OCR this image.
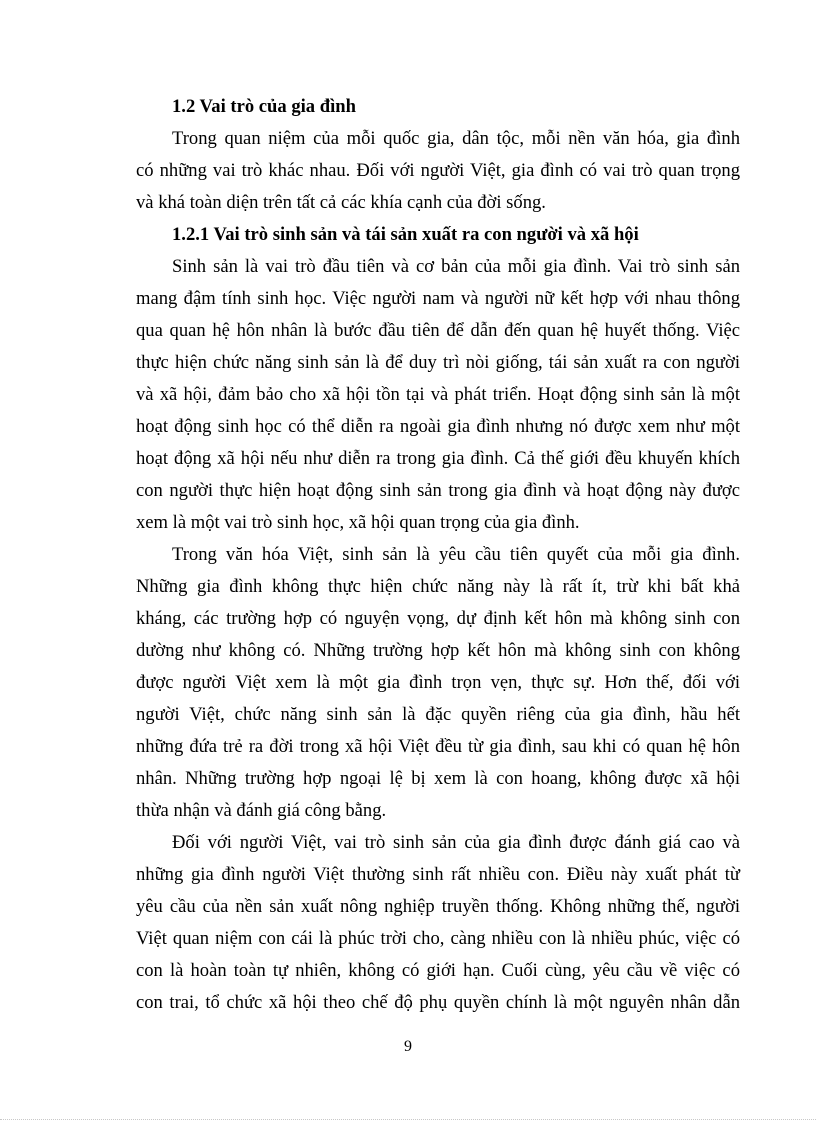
1.2 Vai trò của gia đình
Trong quan niệm của mỗi quốc gia, dân tộc, mỗi nền văn hóa, gia đình
có những vai trò khác nhau. Đối với người Việt, gia đình có vai trò quan trọng
và khá toàn diện trên tất cả các khía cạnh của đời sống.
1.2.1 Vai trò sinh sản và tái sản xuất ra con người và xã hội
Sinh sản là vai trò đầu tiên và cơ bản của mỗi gia đình. Vai trò sinh sản
mang đậm tính sinh học. Việc người nam và người nữ kết hợp với nhau thông
qua quan hệ hôn nhân là bước đầu tiên để dẫn đến quan hệ huyết thống. Việc
thực hiện chức năng sinh sản là để duy trì nòi giống, tái sản xuất ra con người
và xã hội, đảm bảo cho xã hội tồn tại và phát triển. Hoạt động sinh sản là một
hoạt động sinh học có thể diễn ra ngoài gia đình nhưng nó được xem như một
hoạt động xã hội nếu như diễn ra trong gia đình. Cả thế giới đều khuyến khích
con người thực hiện hoạt động sinh sản trong gia đình và hoạt động này được
xem là một vai trò sinh học, xã hội quan trọng của gia đình.
Trong văn hóa Việt, sinh sản là yêu cầu tiên quyết của mỗi gia đình.
Những gia đình không thực hiện chức năng này là rất ít, trừ khi bất khả
kháng, các trường hợp có nguyện vọng, dự định kết hôn mà không sinh con
dường như không có. Những trường hợp kết hôn mà không sinh con không
được người Việt xem là một gia đình trọn vẹn, thực sự. Hơn thế, đối với
người Việt, chức năng sinh sản là đặc quyền riêng của gia đình, hầu hết
những đứa trẻ ra đời trong xã hội Việt đều từ gia đình, sau khi có quan hệ hôn
nhân. Những trường hợp ngoại lệ bị xem là con hoang, không được xã hội
thừa nhận và đánh giá công bằng.
Đối với người Việt, vai trò sinh sản của gia đình được đánh giá cao và
những gia đình người Việt thường sinh rất nhiều con. Điều này xuất phát từ
yêu cầu của nền sản xuất nông nghiệp truyền thống. Không những thế, người
Việt quan niệm con cái là phúc trời cho, càng nhiều con là nhiều phúc, việc có
con là hoàn toàn tự nhiên, không có giới hạn. Cuối cùng, yêu cầu về việc có
con trai, tổ chức xã hội theo chế độ phụ quyền chính là một nguyên nhân dẫn
9
